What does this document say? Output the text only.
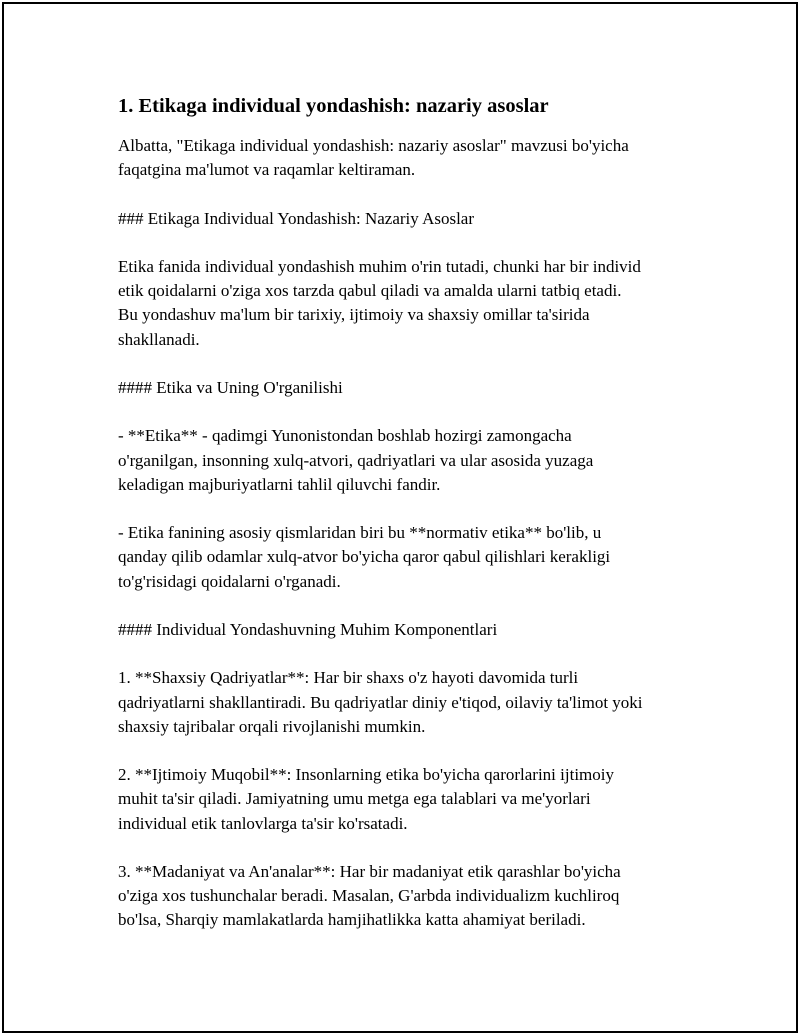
1. Etikaga individual yondashish: nazariy asoslar
Albatta, "Etikaga individual yondashish: nazariy asoslar" mavzusi bo'yicha
faqatgina ma'lumot va raqamlar keltiraman.
### Etikaga Individual Yondashish: Nazariy Asoslar
Etika fanida individual yondashish muhim o'rin tutadi, chunki har bir individ
etik qoidalarni o'ziga xos tarzda qabul qiladi va amalda ularni tatbiq etadi.
Bu yondashuv ma'lum bir tarixiy, ijtimoiy va shaxsiy omillar ta'sirida
shakllanadi.
#### Etika va Uning O'rganilishi
- **Etika** - qadimgi Yunonistondan boshlab hozirgi zamongacha
o'rganilgan, insonning xulq-atvori, qadriyatlari va ular asosida yuzaga
keladigan majburiyatlarni tahlil qiluvchi fandir.
- Etika fanining asosiy qismlaridan biri bu **normativ etika** bo'lib, u
qanday qilib odamlar xulq-atvor bo'yicha qaror qabul qilishlari kerakligi
to'g'risidagi qoidalarni o'rganadi.
#### Individual Yondashuvning Muhim Komponentlari
1. **Shaxsiy Qadriyatlar**: Har bir shaxs o'z hayoti davomida turli
qadriyatlarni shakllantiradi. Bu qadriyatlar diniy e'tiqod, oilaviy ta'limot yoki
shaxsiy tajribalar orqali rivojlanishi mumkin.
2. **Ijtimoiy Muqobil**: Insonlarning etika bo'yicha qarorlarini ijtimoiy
muhit ta'sir qiladi. Jamiyatning umu metga ega talablari va me'yorlari
individual etik tanlovlarga ta'sir ko'rsatadi.
3. **Madaniyat va An'analar**: Har bir madaniyat etik qarashlar bo'yicha
o'ziga xos tushunchalar beradi. Masalan, G'arbda individualizm kuchliroq
bo'lsa, Sharqiy mamlakatlarda hamjihatlikka katta ahamiyat beriladi.
